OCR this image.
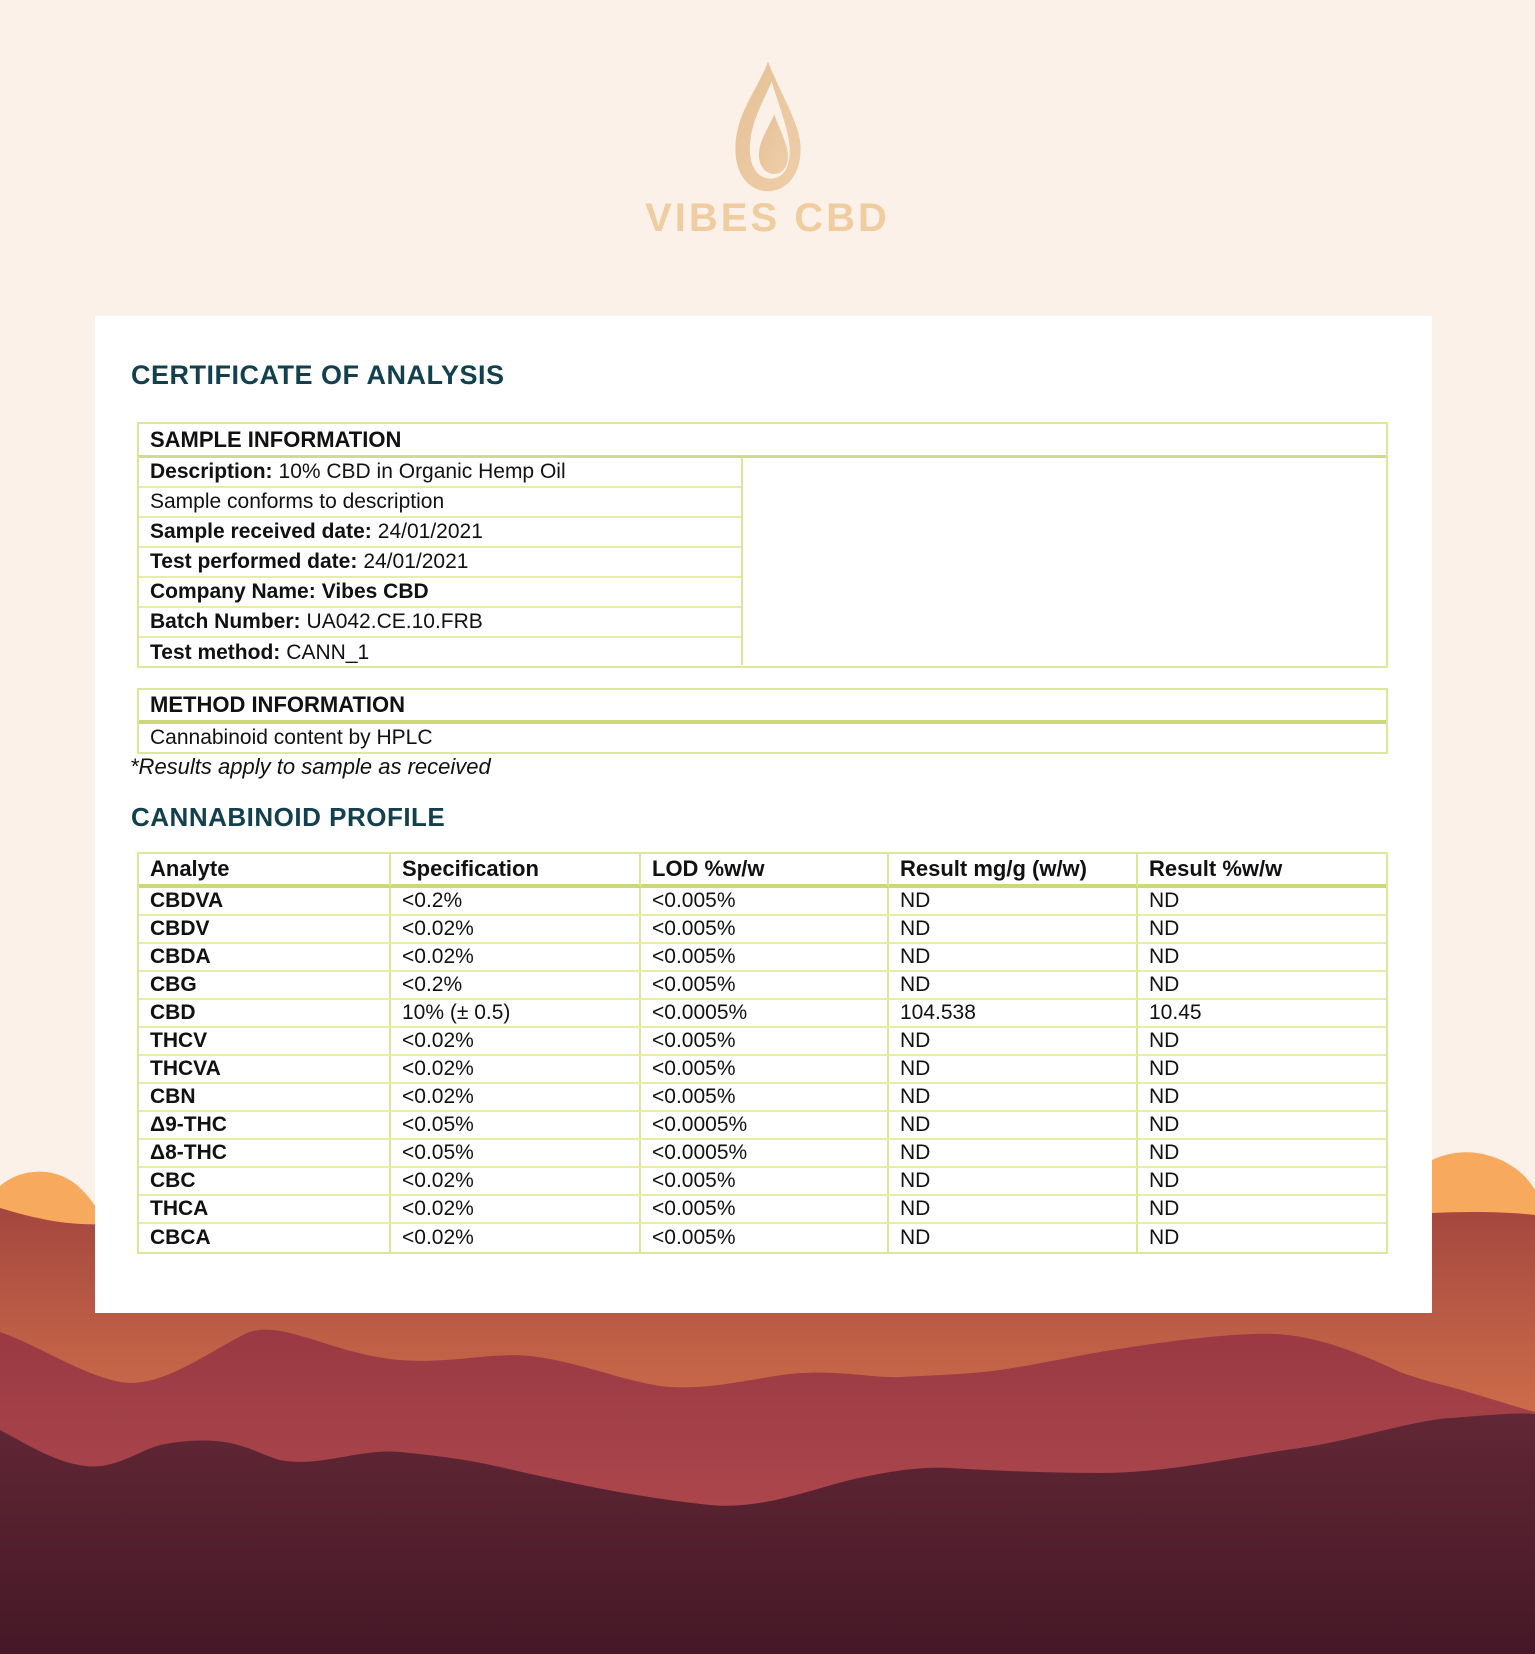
VIBES CBD
CERTIFICATE OF ANALYSIS
SAMPLE INFORMATION
Description: 10% CBD in Organic Hemp Oil
Sample conforms to description
Sample received date: 24/01/2021
Test performed date: 24/01/2021
Company Name: Vibes CBD
Batch Number: UA042.CE.10.FRB
Test method: CANN_1
METHOD INFORMATION
Cannabinoid content by HPLC
*Results apply to sample as received
CANNABINOID PROFILE
Analyte	Specification	LOD %w/w	Result mg/g (w/w)	Result %w/w
CBDVA	<0.2%	<0.005%	ND	ND
CBDV	<0.02%	<0.005%	ND	ND
CBDA	<0.02%	<0.005%	ND	ND
CBG	<0.2%	<0.005%	ND	ND
CBD	10% (± 0.5)	<0.0005%	104.538	10.45
THCV	<0.02%	<0.005%	ND	ND
THCVA	<0.02%	<0.005%	ND	ND
CBN	<0.02%	<0.005%	ND	ND
Δ9-THC	<0.05%	<0.0005%	ND	ND
Δ8-THC	<0.05%	<0.0005%	ND	ND
CBC	<0.02%	<0.005%	ND	ND
THCA	<0.02%	<0.005%	ND	ND
CBCA	<0.02%	<0.005%	ND	ND
